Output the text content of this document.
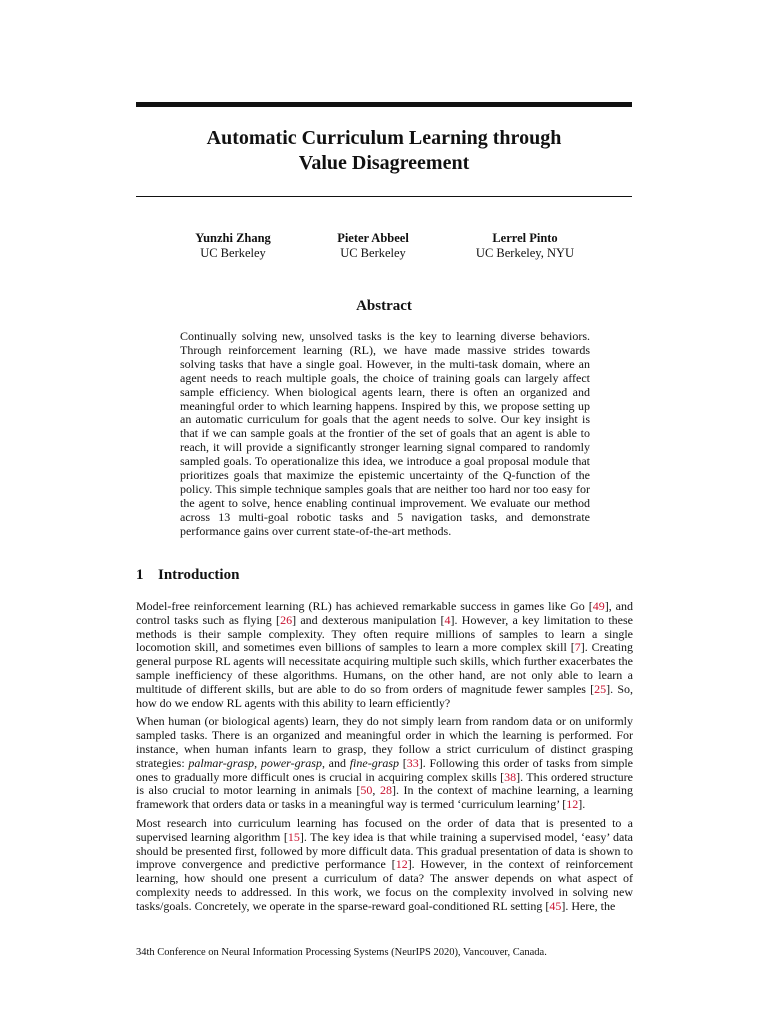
Automatic Curriculum Learning through
Value Disagreement
Yunzhi Zhang
UC Berkeley
Pieter Abbeel
UC Berkeley
Lerrel Pinto
UC Berkeley, NYU
Abstract

Continually solving new, unsolved tasks is the key to learning diverse behaviors. Through reinforcement learning (RL), we have made massive strides towards solving tasks that have a single goal. However, in the multi-task domain, where an agent needs to reach multiple goals, the choice of training goals can largely affect sample efficiency. When biological agents learn, there is often an organized and meaningful order to which learning happens. Inspired by this, we propose setting up an automatic curriculum for goals that the agent needs to solve. Our key insight is that if we can sample goals at the frontier of the set of goals that an agent is able to reach, it will provide a significantly stronger learning signal compared to randomly sampled goals. To operationalize this idea, we introduce a goal proposal module that prioritizes goals that maximize the epistemic uncertainty of the Q-function of the policy. This simple technique samples goals that are neither too hard nor too easy for the agent to solve, hence enabling continual improvement. We evaluate our method across 13 multi-goal robotic tasks and 5 navigation tasks, and demonstrate performance gains over current state-of-the-art methods.

1 Introduction

Model-free reinforcement learning (RL) has achieved remarkable success in games like Go [49], and control tasks such as flying [26] and dexterous manipulation [4]. However, a key limitation to these methods is their sample complexity. They often require millions of samples to learn a single locomotion skill, and sometimes even billions of samples to learn a more complex skill [7]. Creating general purpose RL agents will necessitate acquiring multiple such skills, which further exacerbates the sample inefficiency of these algorithms. Humans, on the other hand, are not only able to learn a multitude of different skills, but are able to do so from orders of magnitude fewer samples [25]. So, how do we endow RL agents with this ability to learn efficiently?

When human (or biological agents) learn, they do not simply learn from random data or on uniformly sampled tasks. There is an organized and meaningful order in which the learning is performed. For instance, when human infants learn to grasp, they follow a strict curriculum of distinct grasping strategies: palmar-grasp, power-grasp, and fine-grasp [33]. Following this order of tasks from simple ones to gradually more difficult ones is crucial in acquiring complex skills [38]. This ordered structure is also crucial to motor learning in animals [50, 28]. In the context of machine learning, a learning framework that orders data or tasks in a meaningful way is termed ‘curriculum learning’ [12].

Most research into curriculum learning has focused on the order of data that is presented to a supervised learning algorithm [15]. The key idea is that while training a supervised model, ‘easy’ data should be presented first, followed by more difficult data. This gradual presentation of data is shown to improve convergence and predictive performance [12]. However, in the context of reinforcement learning, how should one present a curriculum of data? The answer depends on what aspect of complexity needs to addressed. In this work, we focus on the complexity involved in solving new tasks/goals. Concretely, we operate in the sparse-reward goal-conditioned RL setting [45]. Here, the

34th Conference on Neural Information Processing Systems (NeurIPS 2020), Vancouver, Canada.
